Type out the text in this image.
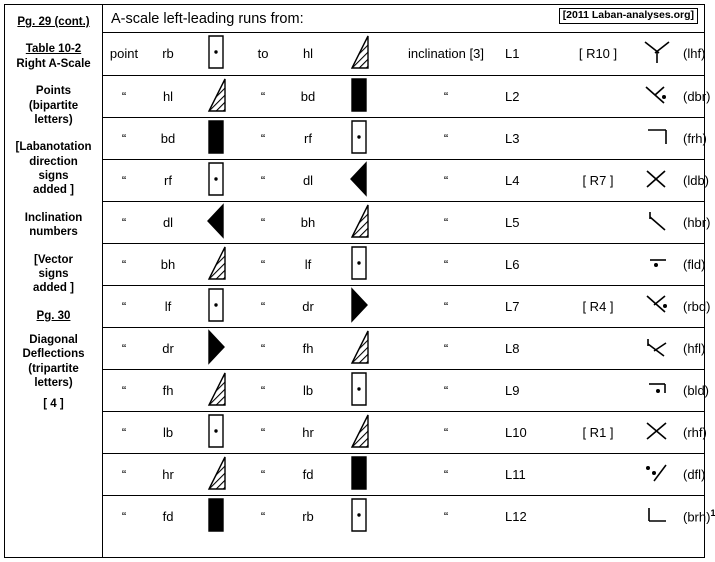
Pg. 29 (cont.)
Table 10-2
Right A-Scale
Points
(bipartite
letters)
[Labanotation
direction
signs
added ]
Inclination
numbers
[Vector
signs
added ]
Pg. 30
Diagonal
Deflections
(tripartite
letters)
[ 4 ]
A-scale left-leading runs from:	[2011 Laban-analyses.org]
point	rb		to	hl		inclination [3]	L1	[ R10 ]		(lhf)
“	hl		“	bd		“	L2			(dbr)
“	bd		“	rf		“	L3			(frh)
“	rf		“	dl		“	L4	[ R7 ]		(ldb)
“	dl		“	bh		“	L5			(hbr)
“	bh		“	lf		“	L6			(fld)
“	lf		“	dr		“	L7	[ R4 ]		(rbd)
“	dr		“	fh		“	L8			(hfl)
“	fh		“	lb		“	L9			(bld)
“	lb		“	hr		“	L10	[ R1 ]		(rhf)
“	hr		“	fd		“	L11			(dfl)
“	fd		“	rb		“	L12			(brh)$^1$
